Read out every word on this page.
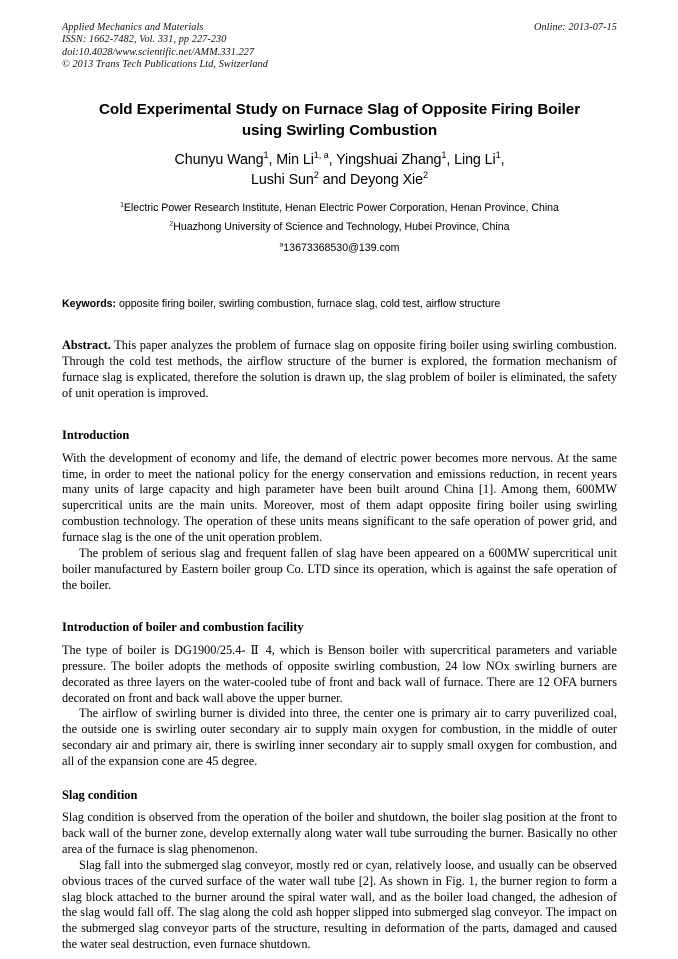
Applied Mechanics and Materials
ISSN: 1662-7482, Vol. 331, pp 227-230
doi:10.4028/www.scientific.net/AMM.331.227
© 2013 Trans Tech Publications Ltd, Switzerland
Online: 2013-07-15
Cold Experimental Study on Furnace Slag of Opposite Firing Boiler
using Swirling Combustion
Chunyu Wang$^1$, Min Li$^{1, a}$, Yingshuai Zhang$^1$, Ling Li$^1$,
Lushi Sun$^2$ and Deyong Xie$^2$
$^1$Electric Power Research Institute, Henan Electric Power Corporation, Henan Province, China
$^2$Huazhong University of Science and Technology, Hubei Province, China
$^a$13673368530@139.com
Keywords: opposite firing boiler, swirling combustion, furnace slag, cold test, airflow structure
Abstract. This paper analyzes the problem of furnace slag on opposite firing boiler using swirling combustion. Through the cold test methods, the airflow structure of the burner is explored, the formation mechanism of furnace slag is explicated, therefore the solution is drawn up, the slag problem of boiler is eliminated, the safety of unit operation is improved.
Introduction

With the development of economy and life, the demand of electric power becomes more nervous. At the same time, in order to meet the national policy for the energy conservation and emissions reduction, in recent years many units of large capacity and high parameter have been built around China [1]. Among them, 600MW supercritical units are the main units. Moreover, most of them adapt opposite firing boiler using swirling combustion technology. The operation of these units means significant to the safe operation of power grid, and furnace slag is the one of the unit operation problem.

The problem of serious slag and frequent fallen of slag have been appeared on a 600MW supercritical unit boiler manufactured by Eastern boiler group Co. LTD since its operation, which is against the safe operation of the boiler.

Introduction of boiler and combustion facility

The type of boiler is DG1900/25.4- Ⅱ 4, which is Benson boiler with supercritical parameters and variable pressure. The boiler adopts the methods of opposite swirling combustion, 24 low NOx swirling burners are decorated as three layers on the water-cooled tube of front and back wall of furnace. There are 12 OFA burners decorated on front and back wall above the upper burner.

The airflow of swirling burner is divided into three, the center one is primary air to carry puverilized coal, the outside one is swirling outer secondary air to supply main oxygen for combustion, in the middle of outer secondary air and primary air, there is swirling inner secondary air to supply small oxygen for combustion, and all of the expansion cone are 45 degree.

Slag condition

Slag condition is observed from the operation of the boiler and shutdown, the boiler slag position at the front to back wall of the burner zone, develop externally along water wall tube surrouding the burner. Basically no other area of the furnace is slag phenomenon.

Slag fall into the submerged slag conveyor, mostly red or cyan, relatively loose, and usually can be observed obvious traces of the curved surface of the water wall tube [2]. As shown in Fig. 1, the burner region to form a slag block attached to the burner around the spiral water wall, and as the boiler load changed, the adhesion of the slag would fall off. The slag along the cold ash hopper slipped into submerged slag conveyor. The impact on the submerged slag conveyor parts of the structure, resulting in deformation of the parts, damaged and caused the water seal destruction, even furnace shutdown.
